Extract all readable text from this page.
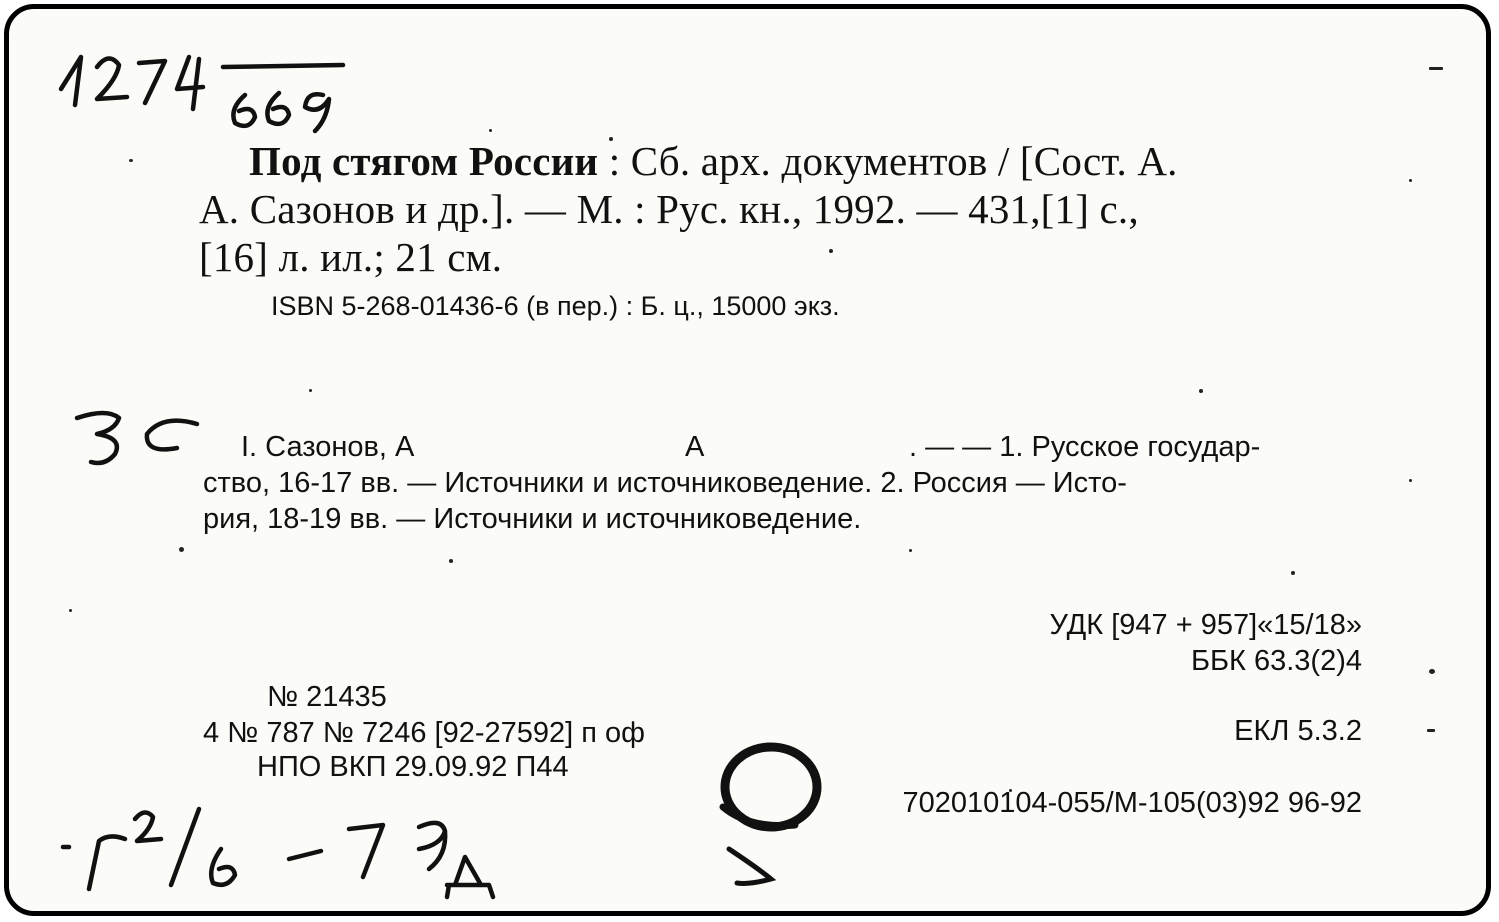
Под стягом России : Сб. арх. документов / [Сост. А.
А. Сазонов и др.]. — М. : Рус. кн., 1992. — 431,[1] с.,
[16] л. ил.; 21 см.
ISBN 5-268-01436-6 (в пер.) : Б. ц., 15000 экз.
I. Сазонов, А	А	. — — 1. Русское государ-
ство, 16-17 вв. — Источники и источниковедение. 2. Россия — Исто-
рия, 18-19 вв. — Источники и источниковедение.
УДК [947 + 957]«15/18»
ББК 63.3(2)4
ЕКЛ 5.3.2
702010104-055/М-105(03)92 96-92
№ 21435
4 № 787 № 7246 [92-27592] п оф
НПО ВКП 29.09.92 П44
